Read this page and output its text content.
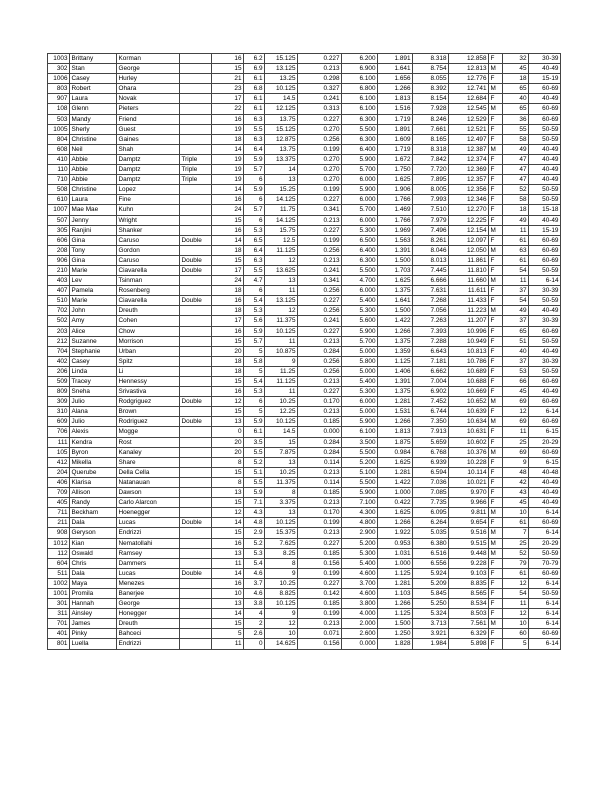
1003	Brittany	Korman		16	6.2	15.125	0.227	6.200	1.891	8.318	12.858	F	32	30-39
302	Stan	George		15	6.9	13.125	0.213	6.900	1.641	8.754	12.813	M	45	40-49
1006	Casey	Hurley		21	6.1	13.25	0.298	6.100	1.656	8.055	12.776	F	18	15-19
803	Robert	Ohara		23	6.8	10.125	0.327	6.800	1.266	8.392	12.741	M	65	60-69
907	Laura	Novak		17	6.1	14.5	0.241	6.100	1.813	8.154	12.684	F	40	40-49
108	Glenn	Pieters		22	6.1	12.125	0.313	6.100	1.516	7.928	12.545	M	65	60-69
503	Mandy	Friend		16	6.3	13.75	0.227	6.300	1.719	8.246	12.529	F	36	60-69
1005	Sherly	Guest		19	5.5	15.125	0.270	5.500	1.891	7.661	12.521	F	55	50-59
804	Christine	Gaines		18	6.3	12.875	0.256	6.300	1.609	8.165	12.497	F	58	50-59
608	Neil	Shah		14	6.4	13.75	0.199	6.400	1.719	8.318	12.387	M	49	40-49
410	Abbie	Damptz	Triple	19	5.9	13.375	0.270	5.900	1.672	7.842	12.374	F	47	40-49
110	Abbie	Damptz	Triple	19	5.7	14	0.270	5.700	1.750	7.720	12.369	F	47	40-49
710	Abbie	Damptz	Triple	19	6	13	0.270	6.000	1.625	7.895	12.357	F	47	40-49
508	Christine	Lopez		14	5.9	15.25	0.199	5.900	1.906	8.005	12.356	F	52	50-59
610	Laura	Fine		16	6	14.125	0.227	6.000	1.766	7.993	12.346	F	58	50-59
1007	Mae Mae	Kuhn		24	5.7	11.75	0.341	5.700	1.469	7.510	12.270	F	18	15-18
507	Jenny	Wright		15	6	14.125	0.213	6.000	1.766	7.979	12.225	F	49	40-49
305	Ranjini	Shanker		16	5.3	15.75	0.227	5.300	1.969	7.496	12.154	M	11	15-19
606	Gina	Caruso	Double	14	6.5	12.5	0.199	6.500	1.563	8.261	12.097	F	61	60-69
208	Tony	Gordon		18	6.4	11.125	0.256	6.400	1.391	8.046	12.050	M	63	60-69
906	Gina	Caruso	Double	15	6.3	12	0.213	6.300	1.500	8.013	11.861	F	61	60-69
210	Marie	Ciavarella	Double	17	5.5	13.625	0.241	5.500	1.703	7.445	11.810	F	54	50-59
403	Lev	Tsinman		24	4.7	13	0.341	4.700	1.625	6.666	11.660	M	11	6-14
407	Pamela	Rosenberg		18	6	11	0.256	6.000	1.375	7.631	11.611	F	37	30-39
510	Marie	Ciavarella	Double	16	5.4	13.125	0.227	5.400	1.641	7.268	11.433	F	54	50-59
702	John	Dreuth		18	5.3	12	0.256	5.300	1.500	7.056	11.223	M	49	40-49
502	Amy	Cohen		17	5.6	11.375	0.241	5.600	1.422	7.263	11.207	F	37	30-39
203	Alice	Chow		16	5.9	10.125	0.227	5.900	1.266	7.393	10.996	F	65	60-69
212	Suzanne	Morrison		15	5.7	11	0.213	5.700	1.375	7.288	10.949	F	51	50-59
704	Stephanie	Urban		20	5	10.875	0.284	5.000	1.359	6.643	10.813	F	40	40-49
402	Casey	Spitz		18	5.8	9	0.256	5.800	1.125	7.181	10.786	F	37	30-39
206	Linda	Li		18	5	11.25	0.256	5.000	1.406	6.662	10.689	F	53	50-59
509	Tracey	Hennessy		15	5.4	11.125	0.213	5.400	1.391	7.004	10.688	F	66	60-69
809	Sneha	Srivastiva		16	5.3	11	0.227	5.300	1.375	6.902	10.669	F	45	40-49
309	Julio	Rodgriguez	Double	12	6	10.25	0.170	6.000	1.281	7.452	10.652	M	69	60-69
310	Alana	Brown		15	5	12.25	0.213	5.000	1.531	6.744	10.639	F	12	6-14
609	Julio	Rodriguez	Double	13	5.9	10.125	0.185	5.900	1.266	7.350	10.634	M	69	60-69
706	Alexis	Mogge		0	6.1	14.5	0.000	6.100	1.813	7.913	10.631	F	11	6-15
111	Kendra	Rost		20	3.5	15	0.284	3.500	1.875	5.659	10.602	F	25	20-29
105	Byron	Kanaley		20	5.5	7.875	0.284	5.500	0.984	6.768	10.376	M	69	60-69
412	Mikella	Share		8	5.2	13	0.114	5.200	1.625	6.939	10.228	F	9	6-15
204	Querube	Della Cella		15	5.1	10.25	0.213	5.100	1.281	6.594	10.114	F	48	40-48
406	Klarisa	Natanauan		8	5.5	11.375	0.114	5.500	1.422	7.036	10.021	F	42	40-49
709	Allison	Dawson		13	5.9	8	0.185	5.900	1.000	7.085	9.970	F	43	40-49
405	Randy	Carlo Alarcon		15	7.1	3.375	0.213	7.100	0.422	7.735	9.966	F	45	40-49
711	Beckham	Hoenegger		12	4.3	13	0.170	4.300	1.625	6.095	9.811	M	10	6-14
211	Dala	Lucas	Double	14	4.8	10.125	0.199	4.800	1.266	6.264	9.654	F	61	60-69
908	Geryson	Endrizzi		15	2.9	15.375	0.213	2.900	1.922	5.035	9.516	M	7	6-14
1012	Kian	Nematollahi		16	5.2	7.625	0.227	5.200	0.953	6.380	9.515	M	25	20-29
112	Oswald	Ramsey		13	5.3	8.25	0.185	5.300	1.031	6.516	9.448	M	52	50-59
604	Chris	Dammers		11	5.4	8	0.156	5.400	1.000	6.556	9.228	F	79	70-79
511	Dala	Lucas	Double	14	4.6	9	0.199	4.600	1.125	5.924	9.103	F	61	60-69
1002	Maya	Menezes		16	3.7	10.25	0.227	3.700	1.281	5.209	8.835	F	12	6-14
1001	Promila	Banerjee		10	4.6	8.825	0.142	4.600	1.103	5.845	8.565	F	54	50-59
301	Hannah	George		13	3.8	10.125	0.185	3.800	1.266	5.250	8.534	F	11	6-14
311	Ainsley	Honegger		14	4	9	0.199	4.000	1.125	5.324	8.503	F	12	6-14
701	James	Dreuth		15	2	12	0.213	2.000	1.500	3.713	7.561	M	10	6-14
401	Pinky	Bahceci		5	2.6	10	0.071	2.600	1.250	3.921	6.329	F	60	60-69
801	Luella	Endrizzi		11	0	14.625	0.156	0.000	1.828	1.984	5.898	F	5	6-14
